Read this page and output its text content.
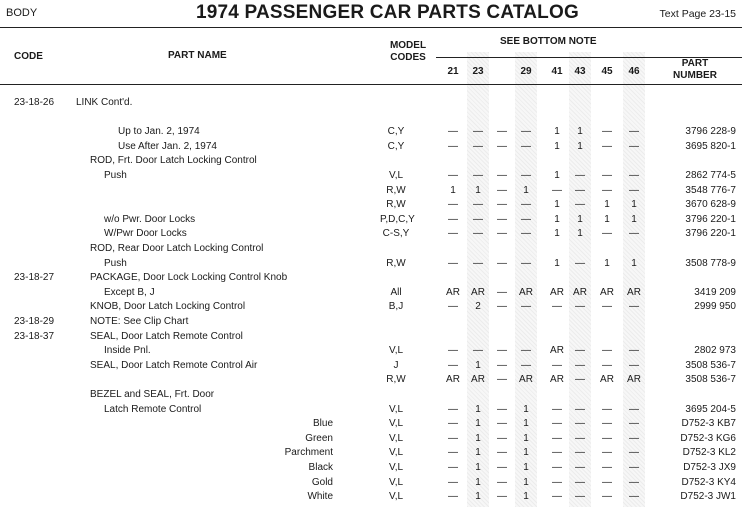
BODY	1974 PASSENGER CAR PARTS CATALOG	Text Page 23-15
CODE	PART NAME
MODEL CODES
SEE BOTTOM NOTE
PART NUMBER
21	23	29	41	43	45	46
23-18-26 LINK Cont'd.
Up to Jan. 2, 1974	C,Y	—	—	—	—	1	1	—	—	3796 228-9
Use After Jan. 2, 1974	C,Y	—	—	—	—	1	1	—	—	3695 820-1
ROD, Frt. Door Latch Locking Control
Push	V,L	—	—	—	—	1	—	—	—	2862 774-5
R,W	1	1	—	1	—	—	—	—	3548 776-7
R,W	—	—	—	—	1	—	1	1	3670 628-9
w/o Pwr. Door Locks	P,D,C,Y	—	—	—	—	1	1	1	1	3796 220-1
W/Pwr Door Locks	C-S,Y	—	—	—	—	1	1	—	—	3796 220-1
ROD, Rear Door Latch Locking Control
Push	R,W	—	—	—	—	1	—	1	1	3508 778-9
23-18-27	PACKAGE, Door Lock Locking Control Knob
Except B, J	All	AR	AR	—	AR	AR AR	AR	AR	3419 209
KNOB, Door Latch Locking Control	B,J	—	2	—	—	—	—	—	—	2999 950
23-18-29	NOTE: See Clip Chart
23-18-37	SEAL, Door Latch Remote Control
Inside Pnl.	V,L	—	—	—	—	AR	—	—	—	2802 973
SEAL, Door Latch Remote Control Air	J	—	1	—	—	—	—	—	—	3508 536-7
R,W	AR	AR	—	AR	AR	—	AR	AR	3508 536-7
BEZEL and SEAL, Frt. Door
Latch Remote Control	V,L	—	1	—	1	—	—	—	—	3695 204-5
Blue	V,L	—	1	—	1	—	—	—	—	D752-3 KB7
Green	V,L	—	1	—	1	—	—	—	—	D752-3 KG6
Parchment	V,L	—	1	—	1	—	—	—	—	D752-3 KL2
Black	V,L	—	1	—	1	—	—	—	—	D752-3 JX9
Gold	V,L	—	1	—	1	—	—	—	—	D752-3 KY4
White	V,L	—	1	—	1	—	—	—	—	D752-3 JW1
